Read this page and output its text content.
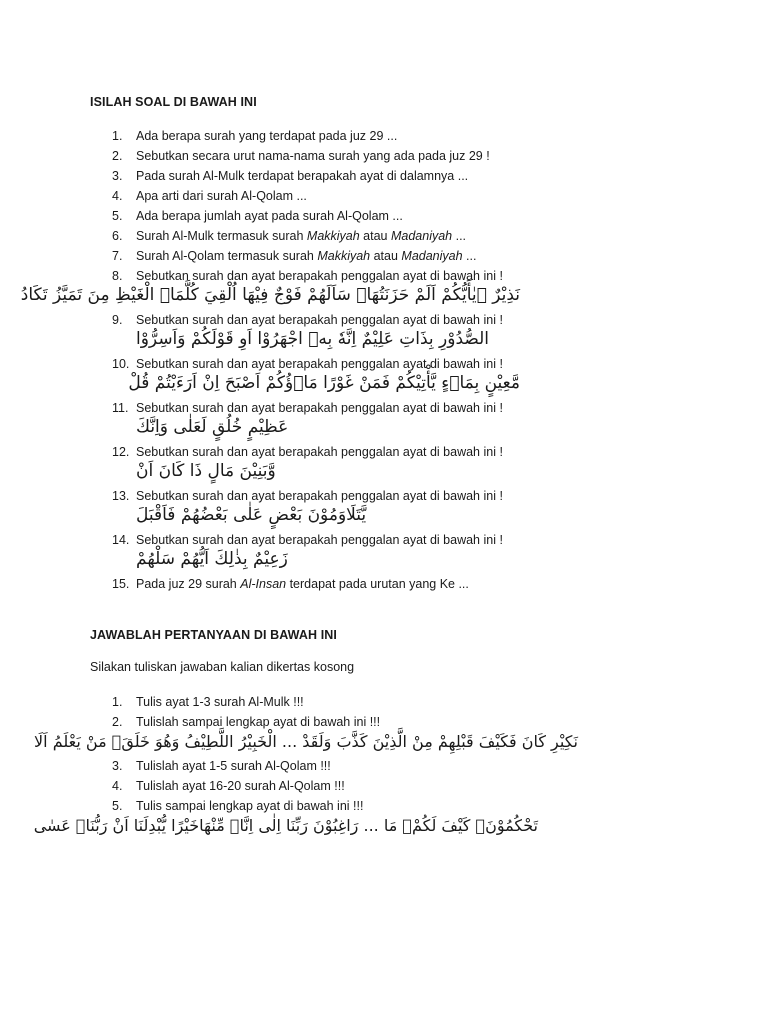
ISILAH SOAL DI BAWAH INI
1.	Ada berapa surah yang terdapat pada juz 29 ...
2.	Sebutkan secara urut nama-nama surah yang ada pada juz 29 !
3.	Pada surah Al-Mulk terdapat berapakah ayat di dalamnya ...
4.	Apa arti dari surah Al-Qolam ...
5.	Ada berapa jumlah ayat pada surah Al-Qolam ...
6.	Surah Al-Mulk termasuk surah Makkiyah atau Madaniyah ...
7.	Surah Al-Qolam termasuk surah Makkiyah atau Madaniyah ...
8.	Sebutkan surah dan ayat berapakah penggalan ayat di bawah ini !
9.	Sebutkan surah dan ayat berapakah penggalan ayat di bawah ini !
10. Sebutkan surah dan ayat berapakah penggalan ayat di bawah ini !
11. Sebutkan surah dan ayat berapakah penggalan ayat di bawah ini !
12. Sebutkan surah dan ayat berapakah penggalan ayat di bawah ini !
13. Sebutkan surah dan ayat berapakah penggalan ayat di bawah ini !
14. Sebutkan surah dan ayat berapakah penggalan ayat di bawah ini !
15. Pada juz 29 surah Al-Insan terdapat pada urutan yang Ke ...
نَذِيْرٌ ۙيٰأَيُّكُمْ اَلَمْ حَزَنَتُهَاۤ سَاَلَهُمْ فَوْجٌ فِيْهَا اُلْقِيَ كُلَّمَاۤ الْغَيْظِ مِنَ تَمَيَّزُ تَكَادُ
الصُّدُوْرِ بِذَاتِ عَلِيْمٌ اِنَّهٗ بِهٖ اجْهَرُوْا اَوِ قَوْلَكُمْ وَاَسِرُّوْا
مَّعِيْنٍ بِمَاۤءٍ يَّأْتِيْكُمْ فَمَنْ غَوْرًا مَاۤؤُكُمْ اَصْبَحَ اِنْ اَرَءَيْتُمْ قُلْ
عَظِيْمٍ خُلُقٍ لَعَلٰى وَاِنَّكَ
وَّبَنِيْنَ مَالٍ ذَا كَانَ اَنْ
يَّتَلَاوَمُوْنَ بَعْضٍ عَلٰى بَعْضُهُمْ فَاَقْبَلَ
زَعِيْمٌ بِذٰلِكَ اَيُّهُمْ سَلْهُمْ
JAWABLAH PERTANYAAN DI BAWAH INI
Silakan tuliskan jawaban kalian dikertas kosong
1.	Tulis ayat 1-3 surah Al-Mulk !!!
2.	Tulislah sampai lengkap ayat di bawah ini !!!
3.	Tulislah ayat 1-5 surah Al-Qolam !!!
4.	Tulislah ayat 16-20 surah Al-Qolam !!!
5.	Tulis sampai lengkap ayat di bawah ini !!!
نَكِيْرِ كَانَ فَكَيْفَ قَبْلِهِمْ مِنْ الَّذِيْنَ كَذَّبَ وَلَقَدْ ... الْخَبِيْرُ اللَّطِيْفُ وَهُوَ خَلَقَۗ مَنْ يَعْلَمُ اَلَا
تَحْكُمُوْنَۚ كَيْفَ لَكُمْۗ مَا ... رَاغِبُوْنَ رَبِّنَا اِلٰى اِنَّاۤ مِّنْهَاخَيْرًا يُّبْدِلَنَا اَنْ رَبُّنَاۤ عَسٰى
